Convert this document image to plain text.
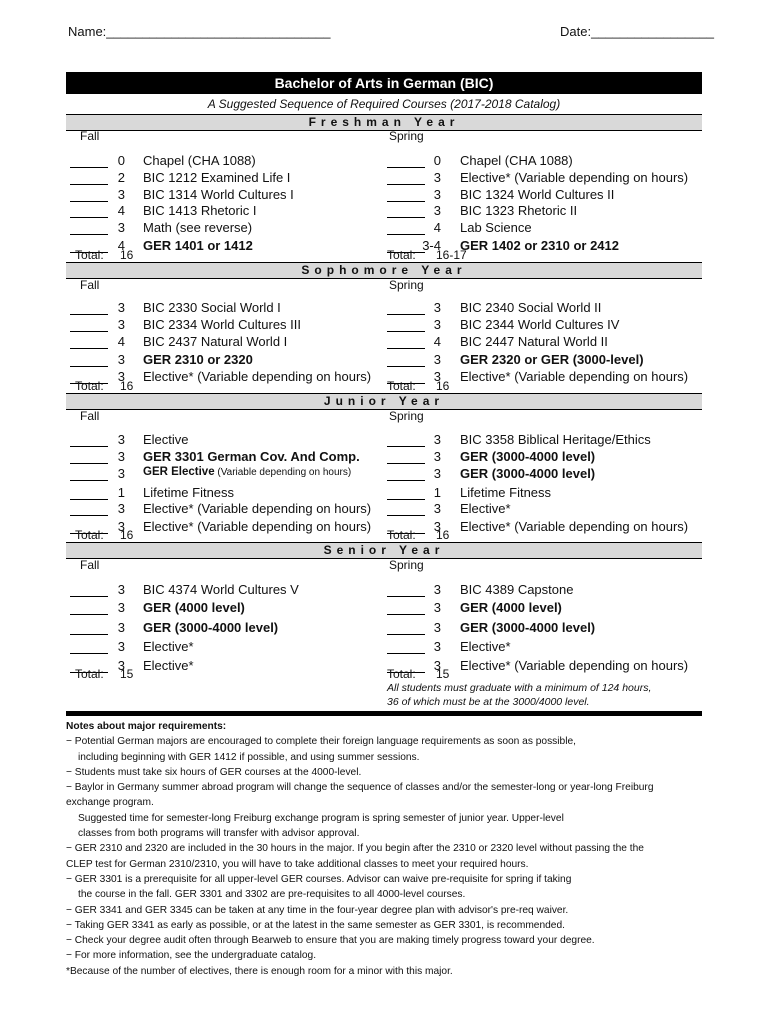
Name:_______________________________	Date:_________________
Bachelor of Arts in German (BIC)
A Suggested Sequence of Required Courses (2017-2018 Catalog)
Freshman Year
Fall
0 Chapel (CHA 1088)
2 BIC 1212 Examined Life I
3 BIC 1314 World Cultures I
4 BIC 1413 Rhetoric I
3 Math (see reverse)
4 GER 1401 or 1412
Total: 16
Spring
0 Chapel (CHA 1088)
3 Elective* (Variable depending on hours)
3 BIC 1324 World Cultures II
3 BIC 1323 Rhetoric II
4 Lab Science
3-4 GER 1402 or 2310 or 2412
Total: 16-17
Sophomore Year
Fall
3 BIC 2330 Social World I
3 BIC 2334 World Cultures III
4 BIC 2437 Natural World I
3 GER 2310 or 2320
3 Elective* (Variable depending on hours)
Total: 16
Spring
3 BIC 2340 Social World II
3 BIC 2344 World Cultures IV
4 BIC 2447 Natural World II
3 GER 2320 or GER (3000-level)
3 Elective* (Variable depending on hours)
Total: 16
Junior Year
Fall
3 Elective
3 GER 3301 German Cov. And Comp.
3 GER Elective (Variable depending on hours)
1 Lifetime Fitness
3 Elective* (Variable depending on hours)
3 Elective* (Variable depending on hours)
Total: 16
Spring
3 BIC 3358 Biblical Heritage/Ethics
3 GER (3000-4000 level)
3 GER (3000-4000 level)
1 Lifetime Fitness
3 Elective*
3 Elective* (Variable depending on hours)
Total: 16
Senior Year
Fall
3 BIC 4374 World Cultures V
3 GER (4000 level)
3 GER (3000-4000 level)
3 Elective*
3 Elective*
Total: 15
Spring
3 BIC 4389 Capstone
3 GER (4000 level)
3 GER (3000-4000 level)
3 Elective*
3 Elective* (Variable depending on hours)
Total: 15
All students must graduate with a minimum of 124 hours,
36 of which must be at the 3000/4000 level.
Notes about major requirements:
− Potential German majors are encouraged to complete their foreign language requirements as soon as possible,
including beginning with GER 1412 if possible, and using summer sessions.
− Students must take six hours of GER courses at the 4000-level.
− Baylor in Germany summer abroad program will change the sequence of classes and/or the semester-long or year-long Freiburg
exchange program.
Suggested time for semester-long Freiburg exchange program is spring semester of junior year. Upper-level
classes from both programs will transfer with advisor approval.
− GER 2310 and 2320 are included in the 30 hours in the major. If you begin after the 2310 or 2320 level without passing the the
CLEP test for German 2310/2310, you will have to take additional classes to meet your required hours.
− GER 3301 is a prerequisite for all upper-level GER courses. Advisor can waive pre-requisite for spring if taking
the course in the fall. GER 3301 and 3302 are pre-requisites to all 4000-level courses.
− GER 3341 and GER 3345 can be taken at any time in the four-year degree plan with advisor's pre-req waiver.
− Taking GER 3341 as early as possible, or at the latest in the same semester as GER 3301, is recommended.
− Check your degree audit often through Bearweb to ensure that you are making timely progress toward your degree.
− For more information, see the undergraduate catalog.
*Because of the number of electives, there is enough room for a minor with this major.
